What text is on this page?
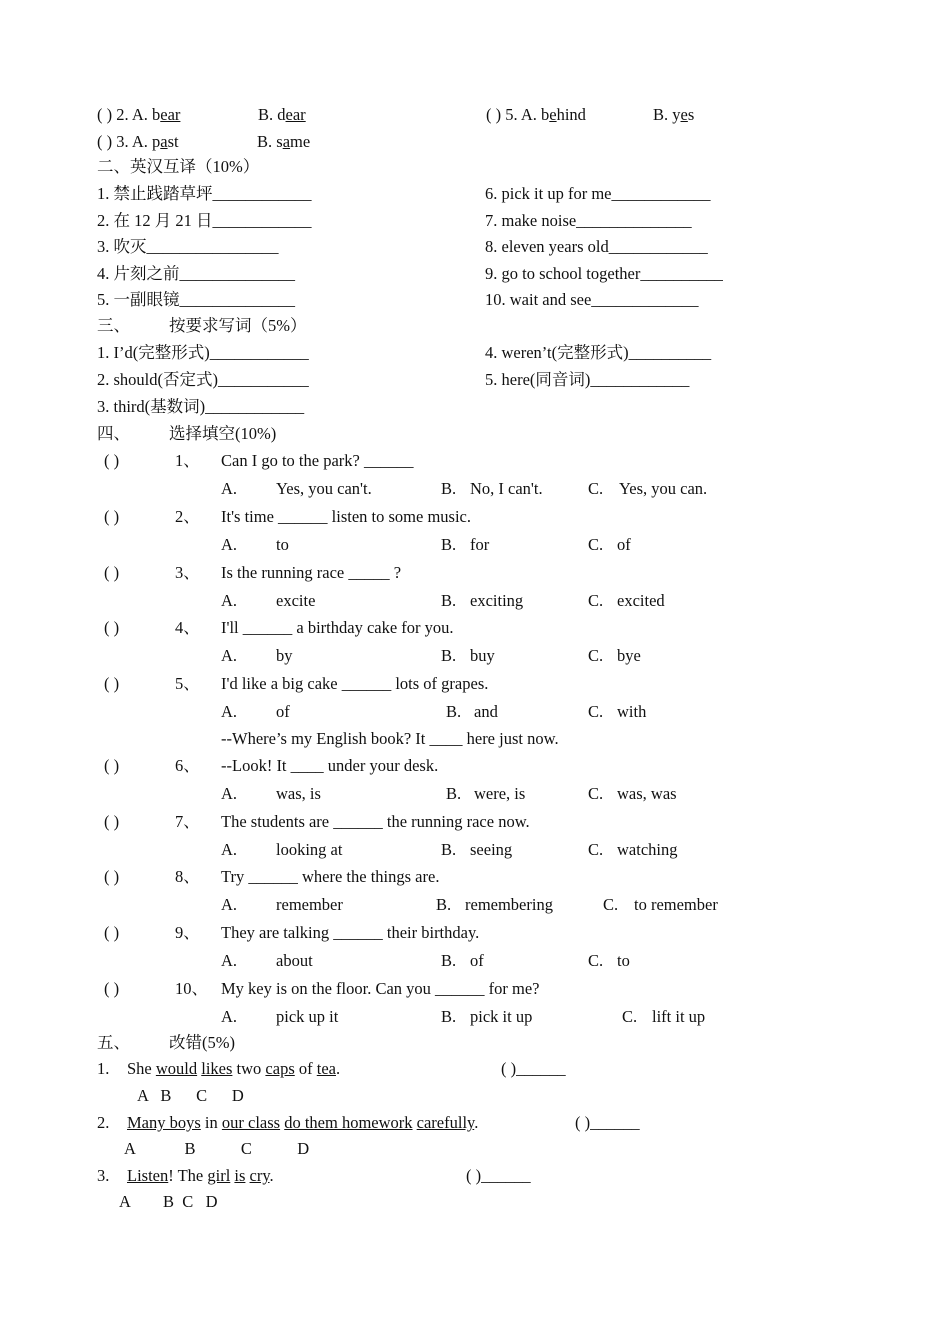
( ) 2. A. bear	B. dear	( ) 5. A. behind	B. yes
( ) 3. A. past	B. same
二、英汉互译（10%）
1. 禁止践踏草坪____________
2. 在 12 月 21 日____________
3. 吹灭________________
4. 片刻之前______________
5. 一副眼镜______________
6. pick it up for me____________
7. make noise______________
8. eleven years old____________
9. go to school together__________
10. wait and see_____________
三、 按要求写词（5%）
1. I’d(完整形式)____________
2. should(否定式)___________
3. third(基数词)____________
4. weren’t(完整形式)__________
5. here(同音词)____________
四、 选择填空(10%)
( )	1、 Can I go to the park? ______
A. Yes, you can't.	B. No, I can't.	C. Yes, you can.
( )	2、 It's time ______ listen to some music.
A. to	B. for	C. of
( )	3、 Is the running race _____ ?
A. excite	B. exciting	C. excited
( )	4、 I'll ______ a birthday cake for you.
A. by	B. buy	C. bye
( )	5、 I'd like a big cake ______ lots of grapes.
A. of	B. and	C. with
--Where’s my English book? It ____ here just now.
( )	6、 --Look! It ____ under your desk.
A. was, is	B. were, is	C. was, was
( )	7、 The students are ______ the running race now.
A. looking at	B. seeing	C. watching
( )	8、 Try ______ where the things are.
A. remember	B. remembering	C. to remember
( )	9、 They are talking ______ their birthday.
A. about	B. of	C. to
( )	10、 My key is on the floor. Can you ______ for me?
A. pick up it	B. pick it up	C. lift it up
五、 改错(5%)
1. She would likes two caps of tea.	( )______
A   B      C      D
2. Many boys in our class do them homework carefully.	( )______
A            B           C           D
3. Listen! The girl is cry.	( )______
A        B  C   D
